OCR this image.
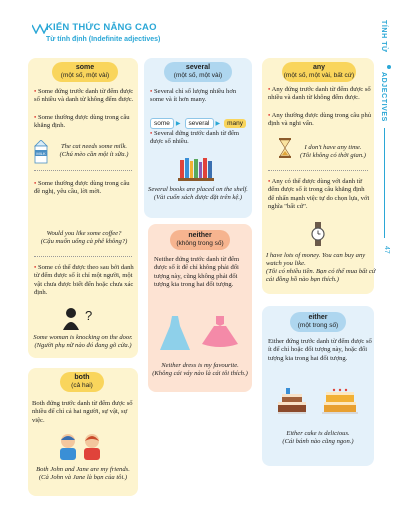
KIẾN THỨC NÂNG CAO
Từ tính định (Indefinite adjectives)	TÍNH TỪ

ADJECTIVES
47
some
(một số, một vài)
• Some đứng trước danh từ đếm được số nhiều và danh từ không đếm được.
• Some thường được dùng trong câu khẳng định.
MILK
The cat needs some milk.
(Chú mèo cần một ít sữa.)
• Some thường được dùng trong câu đề nghị, yêu cầu, lời mời.
Would you like some coffee?
(Cậu muốn uống cà phê không?)
• Some có thể được theo sau bởi danh từ đếm được số ít chỉ một người, một vật chưa được biết đến hoặc chưa xác định.
?
Some woman is knocking on the door.
(Người phụ nữ nào đó đang gõ cửa.)
both
(cả hai)
Both đứng trước danh từ đếm được số nhiều để chỉ cả hai người, sự vật, sự việc.
Both John and Jane are my friends.
(Cả John và Jane là bạn của tôi.)
several
(một số, một vài)
• Several chỉ số lượng nhiều hơn some và ít hơn many.
some ▶ several ▶ many
• Several đứng trước danh từ đếm được số nhiều.
Several books are placed on the shelf.
(Vài cuốn sách được đặt trên kệ.)
neither
(không trong số)
Neither đứng trước danh từ đếm được số ít để chỉ không phải đối tượng này, cũng không phải đối tượng kia trong hai đối tượng.
Neither dress is my favourite.
(Không cái váy nào là cái tôi thích.)
any
(một số, một vài, bất cứ)
• Any đứng trước danh từ đếm được số nhiều và danh từ không đếm được.
• Any thường được dùng trong câu phủ định và nghi vấn.
I don't have any time.
(Tôi không có thời gian.)
• Any có thể được dùng với danh từ đếm được số ít trong câu khẳng định để nhấn mạnh việc tự do chọn lựa, với nghĩa "bất cứ".
I have lots of money. You can buy any watch you like.
(Tôi có nhiều tiền. Bạn có thể mua bất cứ cái đồng hồ nào bạn thích.)
either
(một trong số)
Either đứng trước danh từ đếm được số ít để chỉ hoặc đối tượng này, hoặc đối tượng kia trong hai đối tượng.
Either cake is delicious.
(Cái bánh nào cũng ngon.)
